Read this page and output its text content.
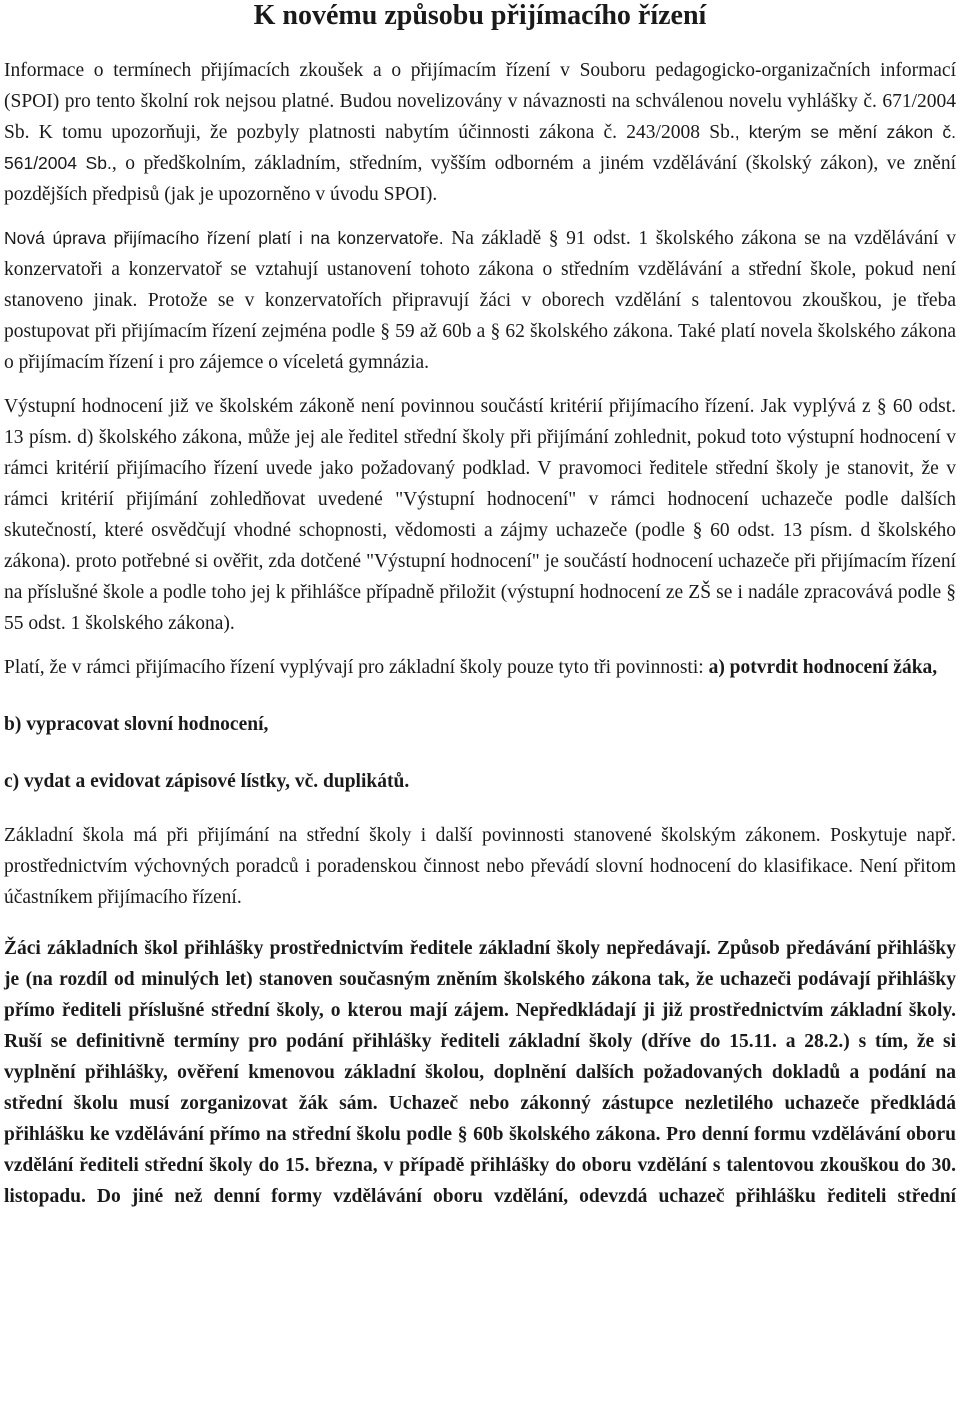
K novému způsobu přijímacího řízení

Informace o termínech přijímacích zkoušek a o přijímacím řízení v Souboru pedagogicko-organizačních informací (SPOI) pro tento školní rok nejsou platné. Budou novelizovány v návaznosti na schválenou novelu vyhlášky č. 671/2004 Sb. K tomu upozorňuji, že pozbyly platnosti nabytím účinnosti zákona č. 243/2008 Sb., kterým se mění zákon č. 561/2004 Sb., o předškolním, základním, středním, vyšším odborném a jiném vzdělávání (školský zákon), ve znění pozdějších předpisů (jak je upozorněno v úvodu SPOI).

Nová úprava přijímacího řízení platí i na konzervatoře. Na základě § 91 odst. 1 školského zákona se na vzdělávání v konzervatoři a konzervatoř se vztahují ustanovení tohoto zákona o středním vzdělávání a střední škole, pokud není stanoveno jinak. Protože se v konzervatořích připravují žáci v oborech vzdělání s talentovou zkouškou, je třeba postupovat při přijímacím řízení zejména podle § 59 až 60b a § 62 školského zákona. Také platí novela školského zákona o přijímacím řízení i pro zájemce o víceletá gymnázia.

Výstupní hodnocení již ve školském zákoně není povinnou součástí kritérií přijímacího řízení. Jak vyplývá z § 60 odst. 13 písm. d) školského zákona, může jej ale ředitel střední školy při přijímání zohlednit, pokud toto výstupní hodnocení v rámci kritérií přijímacího řízení uvede jako požadovaný podklad. V pravomoci ředitele střední školy je stanovit, že v rámci kritérií přijímání zohledňovat uvedené "Výstupní hodnocení" v rámci hodnocení uchazeče podle dalších skutečností, které osvědčují vhodné schopnosti, vědomosti a zájmy uchazeče (podle § 60 odst. 13 písm. d školského zákona). proto potřebné si ověřit, zda dotčené "Výstupní hodnocení" je součástí hodnocení uchazeče při přijímacím řízení na příslušné škole a podle toho jej k přihlášce případně přiložit (výstupní hodnocení ze ZŠ se i nadále zpracovává podle § 55 odst. 1 školského zákona).

Platí, že v rámci přijímacího řízení vyplývají pro základní školy pouze tyto tři povinnosti: a) potvrdit hodnocení žáka,

b) vypracovat slovní hodnocení,

c) vydat a evidovat zápisové lístky, vč. duplikátů.

Základní škola má při přijímání na střední školy i další povinnosti stanovené školským zákonem. Poskytuje např. prostřednictvím výchovných poradců i poradenskou činnost nebo převádí slovní hodnocení do klasifikace. Není přitom účastníkem přijímacího řízení.

Žáci základních škol přihlášky prostřednictvím ředitele základní školy nepředávají. Způsob předávání přihlášky je (na rozdíl od minulých let) stanoven současným zněním školského zákona tak, že uchazeči podávají přihlášky přímo řediteli příslušné střední školy, o kterou mají zájem. Nepředkládají ji již prostřednictvím základní školy. Ruší se definitivně termíny pro podání přihlášky řediteli základní školy (dříve do 15.11. a 28.2.) s tím, že si vyplnění přihlášky, ověření kmenovou základní školou, doplnění dalších požadovaných dokladů a podání na střední školu musí zorganizovat žák sám. Uchazeč nebo zákonný zástupce nezletilého uchazeče předkládá přihlášku ke vzdělávání přímo na střední školu podle § 60b školského zákona. Pro denní formu vzdělávání oboru vzdělání řediteli střední školy do 15. března, v případě přihlášky do oboru vzdělání s talentovou zkouškou do 30. listopadu. Do jiné než denní formy vzdělávání oboru vzdělání, odevzdá uchazeč přihlášku řediteli střední
